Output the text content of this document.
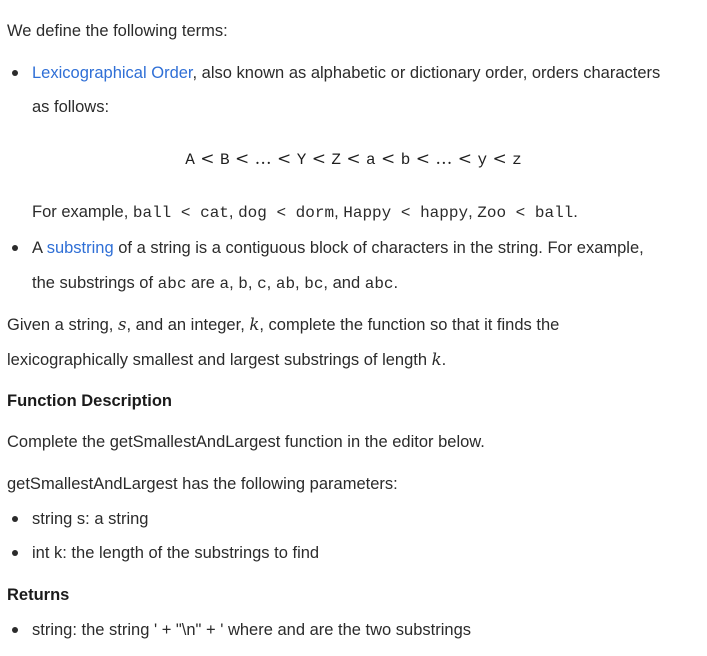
We define the following terms:
Lexicographical Order, also known as alphabetic or dictionary order, orders characters
as follows:
A < B < … < Y < Z < a < b < … < y < z
For example, ball < cat, dog < dorm, Happy < happy, Zoo < ball.
A substring of a string is a contiguous block of characters in the string. For example,
the substrings of abc are a, b, c, ab, bc, and abc.
Given a string, s, and an integer, k, complete the function so that it finds the
lexicographically smallest and largest substrings of length k.
Function Description
Complete the getSmallestAndLargest function in the editor below.
getSmallestAndLargest has the following parameters:
string s: a string
int k: the length of the substrings to find
Returns
string: the string ' + "\n" + ' where and are the two substrings
